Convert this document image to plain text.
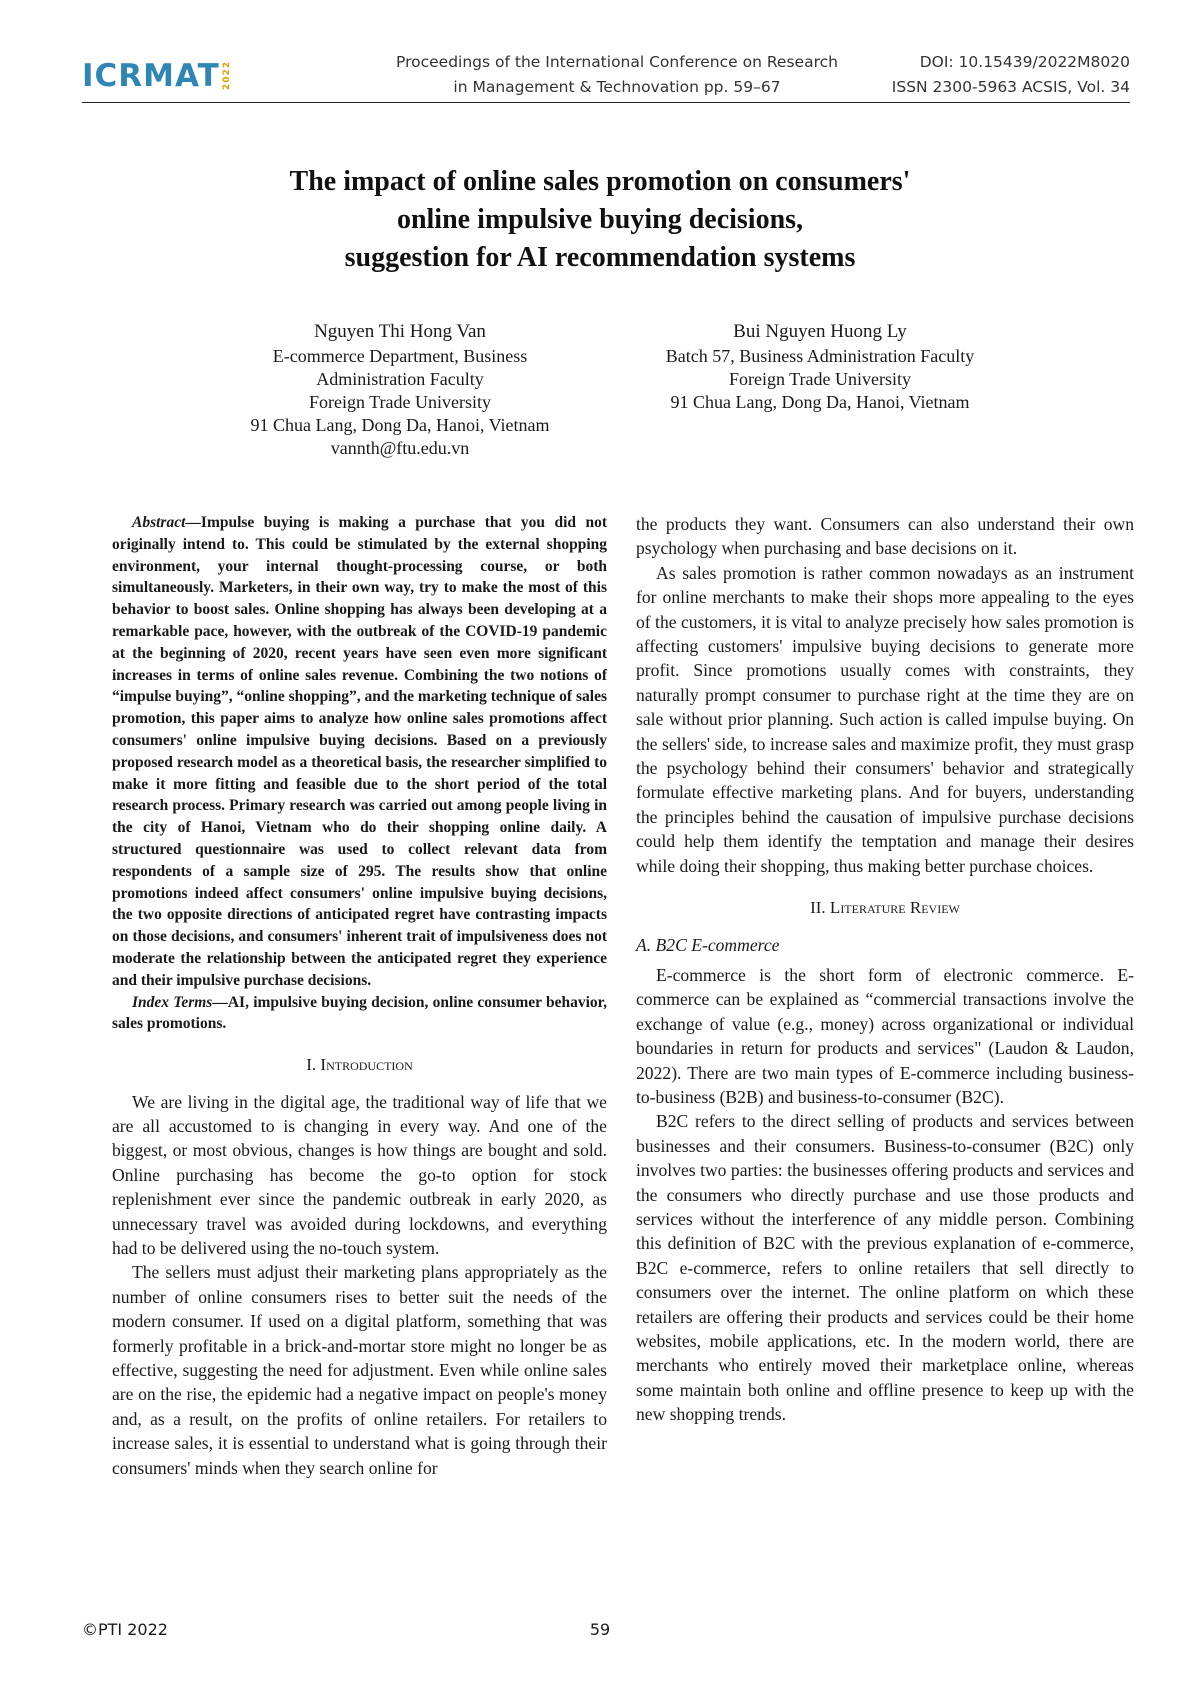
ICRMAT 2022	Proceedings of the International Conference on Research
in Management & Technovation pp. 59–67
DOI: 10.15439/2022M8020
ISSN 2300-5963 ACSIS, Vol. 34
The impact of online sales promotion on consumers'
online impulsive buying decisions,
suggestion for AI recommendation systems
Nguyen Thi Hong Van
E-commerce Department, Business
Administration Faculty
Foreign Trade University
91 Chua Lang, Dong Da, Hanoi, Vietnam
vannth@ftu.edu.vn
Bui Nguyen Huong Ly
Batch 57, Business Administration Faculty
Foreign Trade University
91 Chua Lang, Dong Da, Hanoi, Vietnam

Abstract—Impulse buying is making a purchase that you did not originally intend to. This could be stimulated by the external shopping environment, your internal thought-processing course, or both simultaneously. Marketers, in their own way, try to make the most of this behavior to boost sales. Online shopping has always been developing at a remarkable pace, however, with the outbreak of the COVID-19 pandemic at the beginning of 2020, recent years have seen even more significant increases in terms of online sales revenue. Combining the two notions of “impulse buying”, “online shopping”, and the marketing technique of sales promotion, this paper aims to analyze how online sales promotions affect consumers' online impulsive buying decisions. Based on a previously proposed research model as a theoretical basis, the researcher simplified to make it more fitting and feasible due to the short period of the total research process. Primary research was carried out among people living in the city of Hanoi, Vietnam who do their shopping online daily. A structured questionnaire was used to collect relevant data from respondents of a sample size of 295. The results show that online promotions indeed affect consumers' online impulsive buying decisions, the two opposite directions of anticipated regret have contrasting impacts on those decisions, and consumers' inherent trait of impulsiveness does not moderate the relationship between the anticipated regret they experience and their impulsive purchase decisions.

Index Terms—AI, impulsive buying decision, online consumer behavior, sales promotions.

I. Introduction

We are living in the digital age, the traditional way of life that we are all accustomed to is changing in every way. And one of the biggest, or most obvious, changes is how things are bought and sold. Online purchasing has become the go-to option for stock replenishment ever since the pandemic outbreak in early 2020, as unnecessary travel was avoided during lockdowns, and everything had to be delivered using the no-touch system.

The sellers must adjust their marketing plans appropriately as the number of online consumers rises to better suit the needs of the modern consumer. If used on a digital platform, something that was formerly profitable in a brick-and-mortar store might no longer be as effective, suggesting the need for adjustment. Even while online sales are on the rise, the epidemic had a negative impact on people's money and, as a result, on the profits of online retailers. For retailers to increase sales, it is essential to understand what is going through their consumers' minds when they search online for

the products they want. Consumers can also understand their own psychology when purchasing and base decisions on it.

As sales promotion is rather common nowadays as an instrument for online merchants to make their shops more appealing to the eyes of the customers, it is vital to analyze precisely how sales promotion is affecting customers' impulsive buying decisions to generate more profit. Since promotions usually comes with constraints, they naturally prompt consumer to purchase right at the time they are on sale without prior planning. Such action is called impulse buying. On the sellers' side, to increase sales and maximize profit, they must grasp the psychology behind their consumers' behavior and strategically formulate effective marketing plans. And for buyers, understanding the principles behind the causation of impulsive purchase decisions could help them identify the temptation and manage their desires while doing their shopping, thus making better purchase choices.

II. Literature Review

A. B2C E-commerce

E-commerce is the short form of electronic commerce. E-commerce can be explained as “commercial transactions involve the exchange of value (e.g., money) across organizational or individual boundaries in return for products and services" (Laudon & Laudon, 2022). There are two main types of E-commerce including business-to-business (B2B) and business-to-consumer (B2C).

B2C refers to the direct selling of products and services between businesses and their consumers. Business-to-consumer (B2C) only involves two parties: the businesses offering products and services and the consumers who directly purchase and use those products and services without the interference of any middle person. Combining this definition of B2C with the previous explanation of e-commerce, B2C e-commerce, refers to online retailers that sell directly to consumers over the internet. The online platform on which these retailers are offering their products and services could be their home websites, mobile applications, etc. In the modern world, there are merchants who entirely moved their marketplace online, whereas some maintain both online and offline presence to keep up with the new shopping trends.

©PTI 2022	59
